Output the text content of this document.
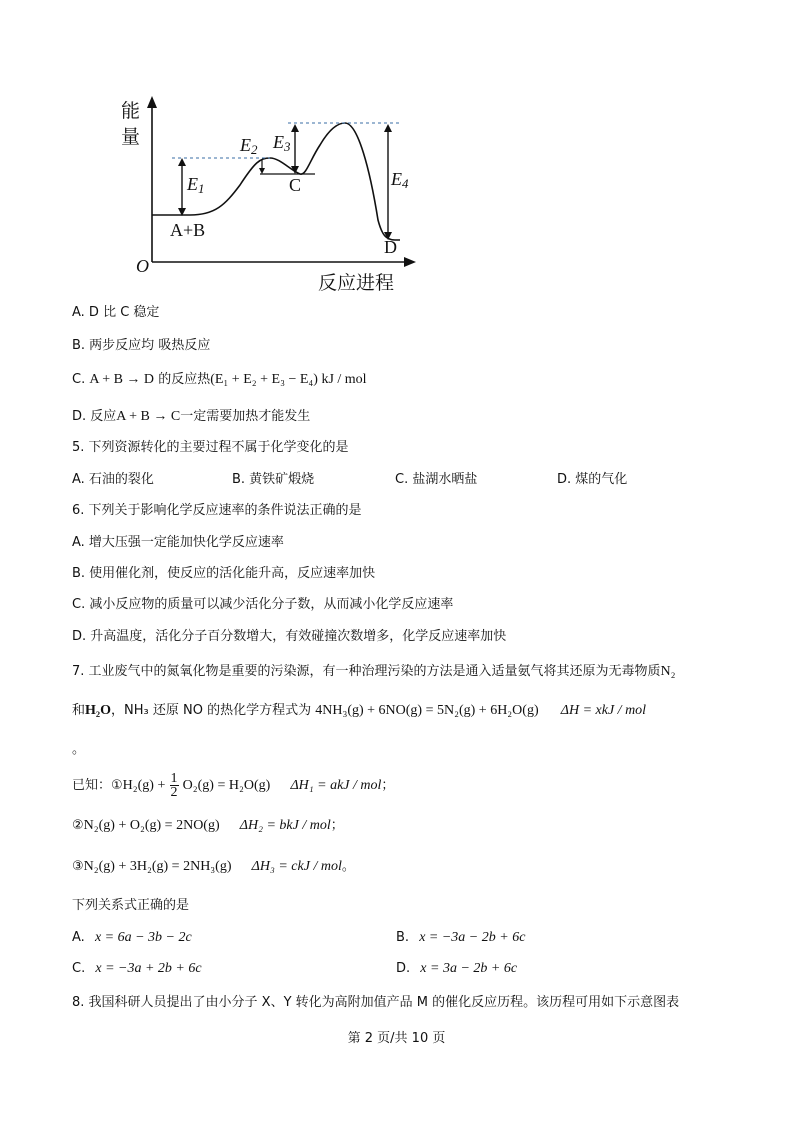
能
量
O
反应进程
A+B
C
D
$E_1$
$E_2$ $E_3$
$E_4$
A. D 比 C 稳定
B. 两步反应均 吸热反应
C. A + B → D 的反应热(E₁ + E₂ + E₃ − E₄) kJ / mol
D. 反应A + B → C一定需要加热才能发生
5. 下列资源转化的主要过程不属于化学变化的是
A. 石油的裂化	B. 黄铁矿煅烧	C. 盐湖水晒盐	D. 煤的气化
6. 下列关于影响化学反应速率的条件说法正确的是
A. 增大压强一定能加快化学反应速率
B. 使用催化剂，使反应的活化能升高，反应速率加快
C. 减小反应物的质量可以减少活化分子数，从而减小化学反应速率
D. 升高温度，活化分子百分数增大，有效碰撞次数增多，化学反应速率加快
7. 工业废气中的氮氧化物是重要的污染源，有一种治理污染的方法是通入适量氨气将其还原为无毒物质N₂
和H₂O，NH₃ 还原 NO 的热化学方程式为 4NH₃(g) + 6NO(g) = 5N₂(g) + 6H₂O(g) ΔH = xkJ / mol
。
已知：①H₂(g) + $\frac{1}{2} O_2(g) = H_2O(g) \Delta H_1$ = akJ / mol；
②N₂(g) + O₂(g) = 2NO(g) ΔH₂ = bkJ / mol；
③N₂(g) + 3H₂(g) = 2NH₃(g) ΔH₃ = ckJ / mol。
下列关系式正确的是
A. x = 6a − 3b − 2c	B. x = −3a − 2b + 6c
C. x = −3a + 2b + 6c	D. x = 3a − 2b + 6c
8. 我国科研人员提出了由小分子 X、Y 转化为高附加值产品 M 的催化反应历程。该历程可用如下示意图表
第 2 页/共 10 页
